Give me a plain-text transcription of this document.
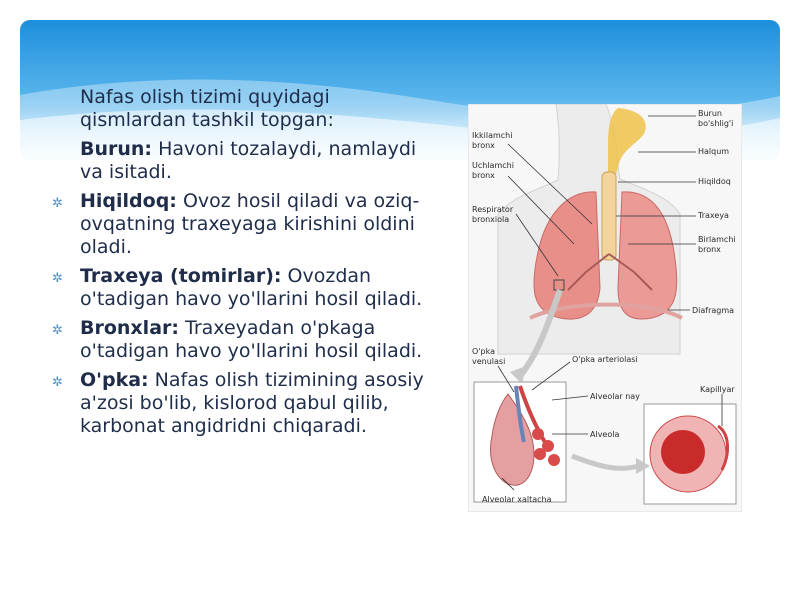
Nafas olish tizimi quyidagi qismlardan tashkil topgan:
Burun: Havoni tozalaydi, namlaydi va isitadi.
✲ Hiqildoq: Ovoz hosil qiladi va oziq-ovqatning traxeyaga kirishini oldini oladi.
✲ Traxeya (tomirlar): Ovozdan o'tadigan havo yo'llarini hosil qiladi.
✲ Bronxlar: Traxeyadan o'pkaga o'tadigan havo yo'llarini hosil qiladi.
✲ O'pka: Nafas olish tizimining asosiy a'zosi bo'lib, kislorod qabul qilib, karbonat angidridni chiqaradi.
Burun
bo'shlig'i
Halqum
Hiqildoq
Traxeya
Birlamchi
bronx
Diafragma
Ikkilamchi
bronx
Uchlamchi
bronx
Respirator
bronxiola
O'pka
venulasi	O'pka arteriolasi
Alveolar nay
Alveola
Kapillyar
Alveolar xaltacha
